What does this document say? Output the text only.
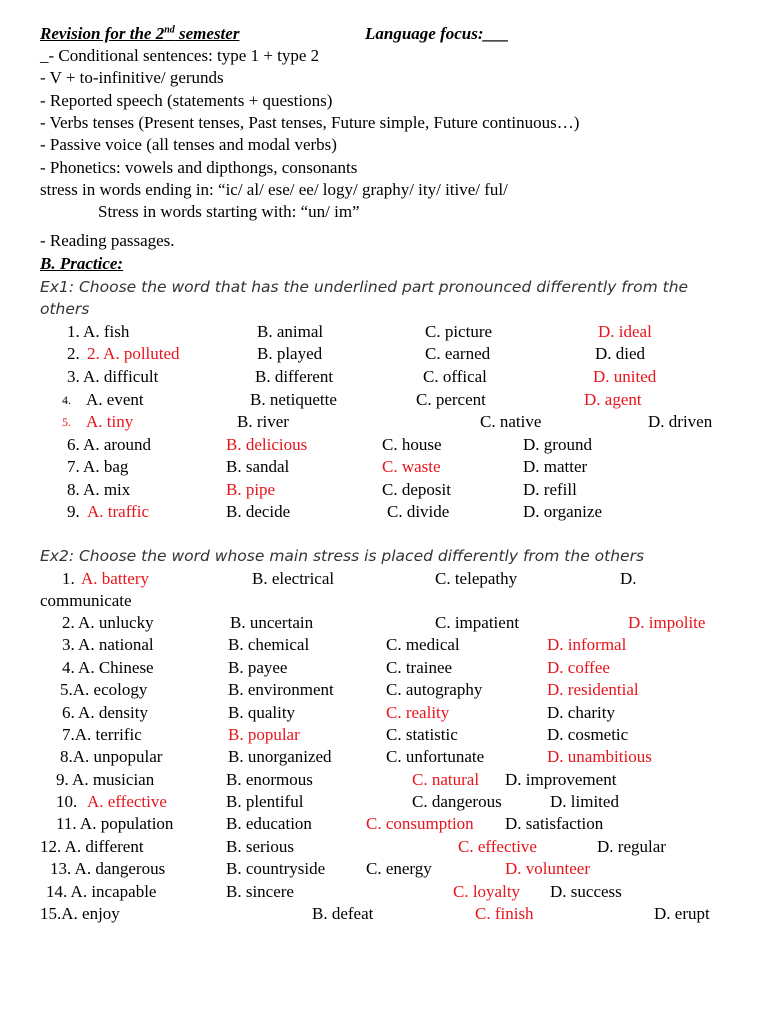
Revision for the 2nd semester	Language focus:___
_- Conditional sentences: type 1 + type 2
- V + to-infinitive/ gerunds
- Reported speech (statements + questions)
- Verbs tenses (Present tenses, Past tenses, Future simple, Future continuous…)
- Passive voice (all tenses and modal verbs)
- Phonetics: vowels and dipthongs, consonants
stress in words ending in: “ic/ al/ ese/ ee/ logy/ graphy/ ity/ itive/ ful/
Stress in words starting with: “un/ im”
- Reading passages.
B. Practice:
Ex1: Choose the word that has the underlined part pronounced differently from the
others
1. A. fish	B. animal	C. picture	D. ideal
2. 2. A. polluted	B. played	C. earned	D. died
3. A. difficult	B. different	C. offical	D. united
4. A. event	B. netiquette	C. percent	D. agent
5. A. tiny	B. river	C. native	D. driven
6. A. around	B. delicious	C. house	D. ground
7. A. bag	B. sandal	C. waste	D. matter
8. A. mix	B. pipe	C. deposit	D. refill
9. A. traffic	B. decide	C. divide	D. organize
Ex2: Choose the word whose main stress is placed differently from the others
1. A. battery	B. electrical	C. telepathy	D.
communicate
2. A. unlucky	B. uncertain	C. impatient	D. impolite
3. A. national	B. chemical	C. medical	D. informal
4. A. Chinese	B. payee	C. trainee	D. coffee
5.A. ecology	B. environment	C. autography	D. residential
6. A. density	B. quality	C. reality	D. charity
7.A. terrific	B. popular	C. statistic	D. cosmetic
8.A. unpopular	B. unorganized	C. unfortunate	D. unambitious
9. A. musician	B. enormous	C. natural D. improvement
10. A. effective	B. plentiful	C. dangerous	D. limited
11. A. population	B. education	C. consumption D. satisfaction
12. A. different	B. serious	C. effective	D. regular
13. A. dangerous	B. countryside C. energy	D. volunteer
14. A. incapable	B. sincere	C. loyalty D. success
15.A. enjoy	B. defeat	C. finish	D. erupt
